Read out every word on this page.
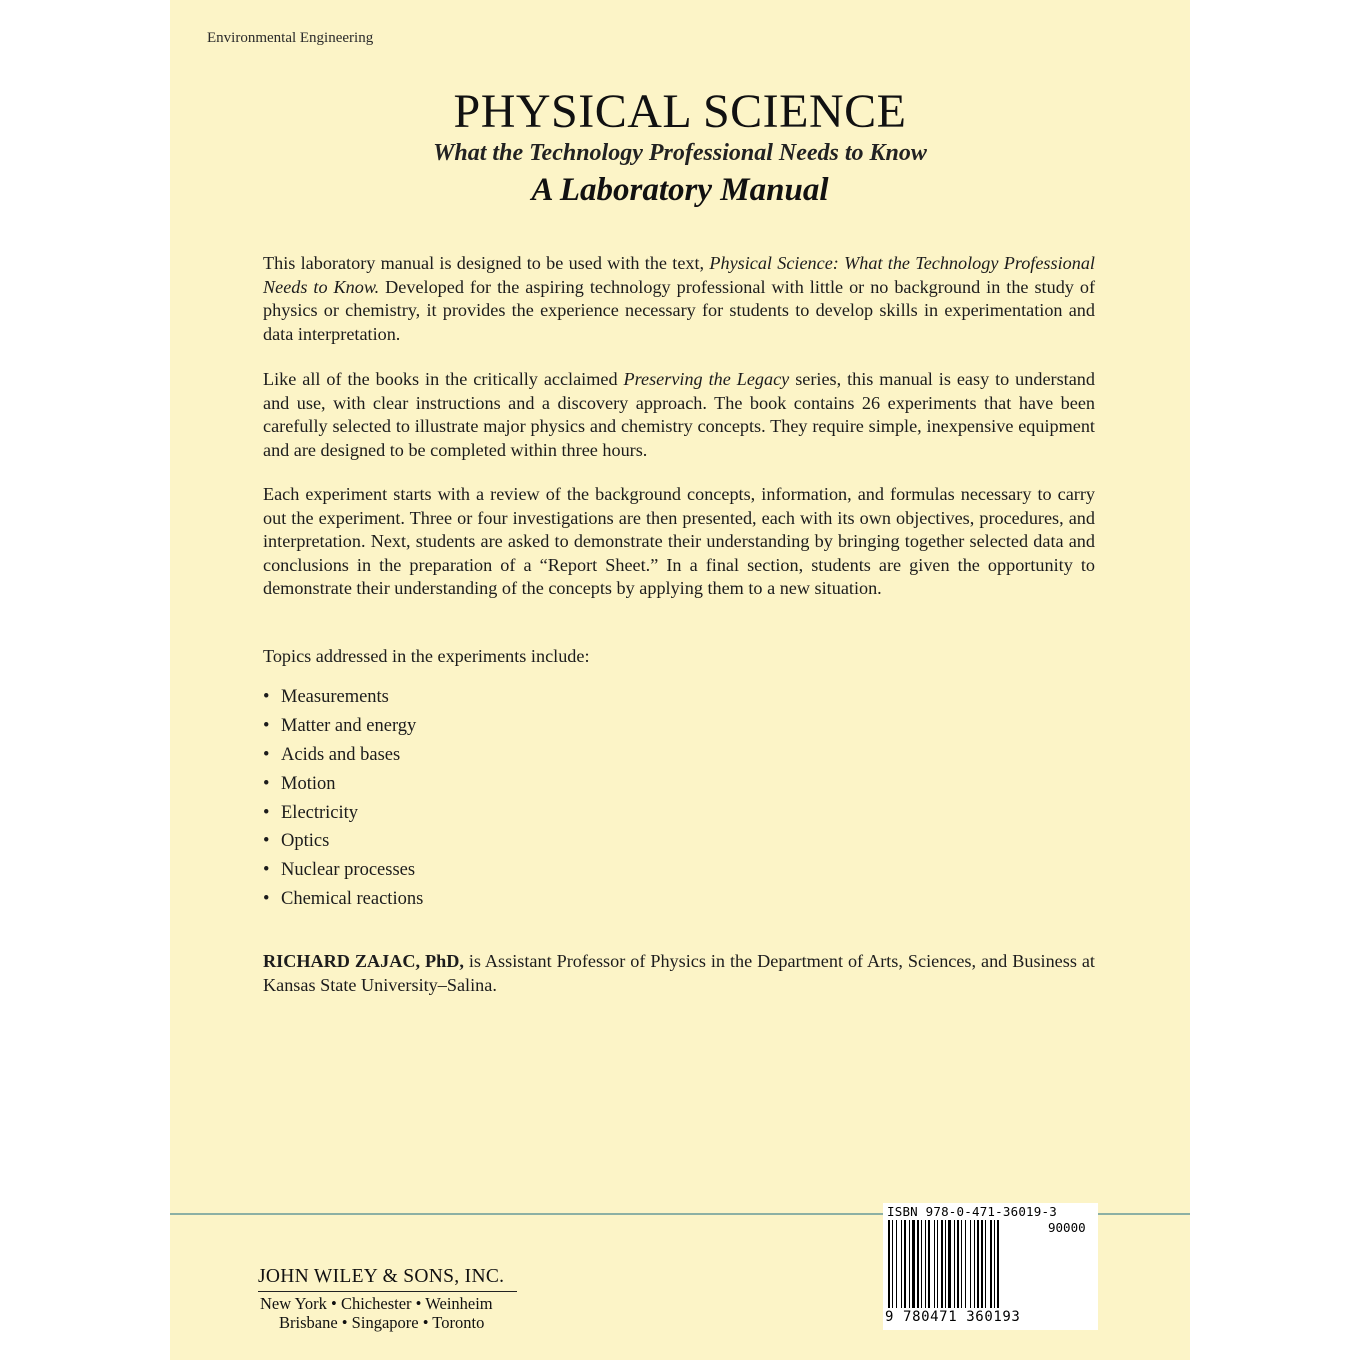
Environmental Engineering
PHYSICAL SCIENCE
What the Technology Professional Needs to Know
A Laboratory Manual
This laboratory manual is designed to be used with the text, Physical Science: What the Technology Professional Needs to Know. Developed for the aspiring technology professional with little or no background in the study of physics or chemistry, it provides the experience necessary for students to develop skills in experimentation and data interpretation.
Like all of the books in the critically acclaimed Preserving the Legacy series, this manual is easy to understand and use, with clear instructions and a discovery approach. The book contains 26 experiments that have been carefully selected to illustrate major physics and chemistry concepts. They require simple, inexpensive equipment and are designed to be completed within three hours.
Each experiment starts with a review of the background concepts, information, and formulas necessary to carry out the experiment. Three or four investigations are then presented, each with its own objectives, procedures, and interpretation. Next, students are asked to demonstrate their understanding by bringing together selected data and conclusions in the preparation of a “Report Sheet.” In a final section, students are given the opportunity to demonstrate their understanding of the concepts by applying them to a new situation.
Topics addressed in the experiments include:
• Measurements
• Matter and energy
• Acids and bases
• Motion
• Electricity
• Optics
• Nuclear processes
• Chemical reactions
RICHARD ZAJAC, PhD, is Assistant Professor of Physics in the Department of Arts, Sciences, and Business at Kansas State University–Salina.
JOHN WILEY & SONS, INC.
New York • Chichester • Weinheim
Brisbane • Singapore • Toronto
ISBN 978-0-471-36019-3
90000
9 780471 360193
